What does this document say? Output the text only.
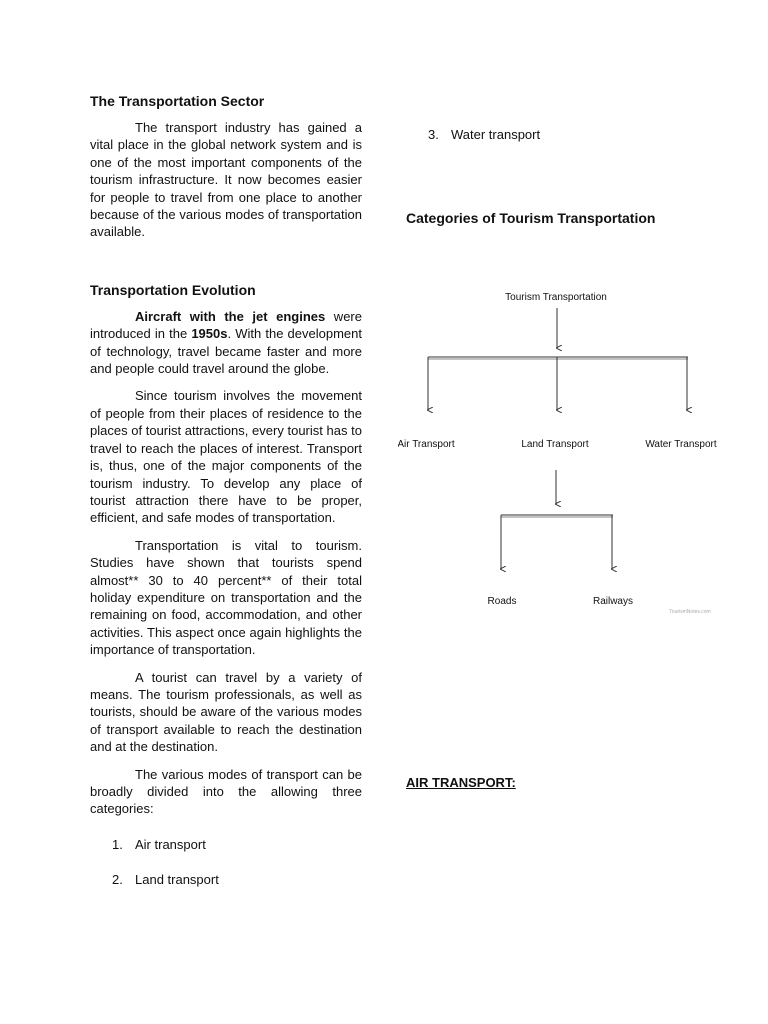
The Transportation Sector

The transport industry has gained a vital place in the global network system and is one of the most important components of the tourism infrastructure. It now becomes easier for people to travel from one place to another because of the various modes of transportation available.

Transportation Evolution

Aircraft with the jet engines were introduced in the 1950s. With the development of technology, travel became faster and more and people could travel around the globe.

Since tourism involves the movement of people from their places of residence to the places of tourist attractions, every tourist has to travel to reach the places of interest. Transport is, thus, one of the major components of the tourism industry. To develop any place of tourist attraction there have to be proper, efficient, and safe modes of transportation.

Transportation is vital to tourism. Studies have shown that tourists spend almost** 30 to 40 percent** of their total holiday expenditure on transportation and the remaining on food, accommodation, and other activities. This aspect once again highlights the importance of transportation.

A tourist can travel by a variety of means. The tourism professionals, as well as tourists, should be aware of the various modes of transport available to reach the destination and at the destination.

The various modes of transport can be broadly divided into the allowing three categories:

1. Air transport
2. Land transport
3. Water transport
Categories of Tourism Transportation
Tourism Transportation
Air Transport	Land Transport	Water Transport
Roads	Railways
TourismNotes.com
AIR TRANSPORT:
